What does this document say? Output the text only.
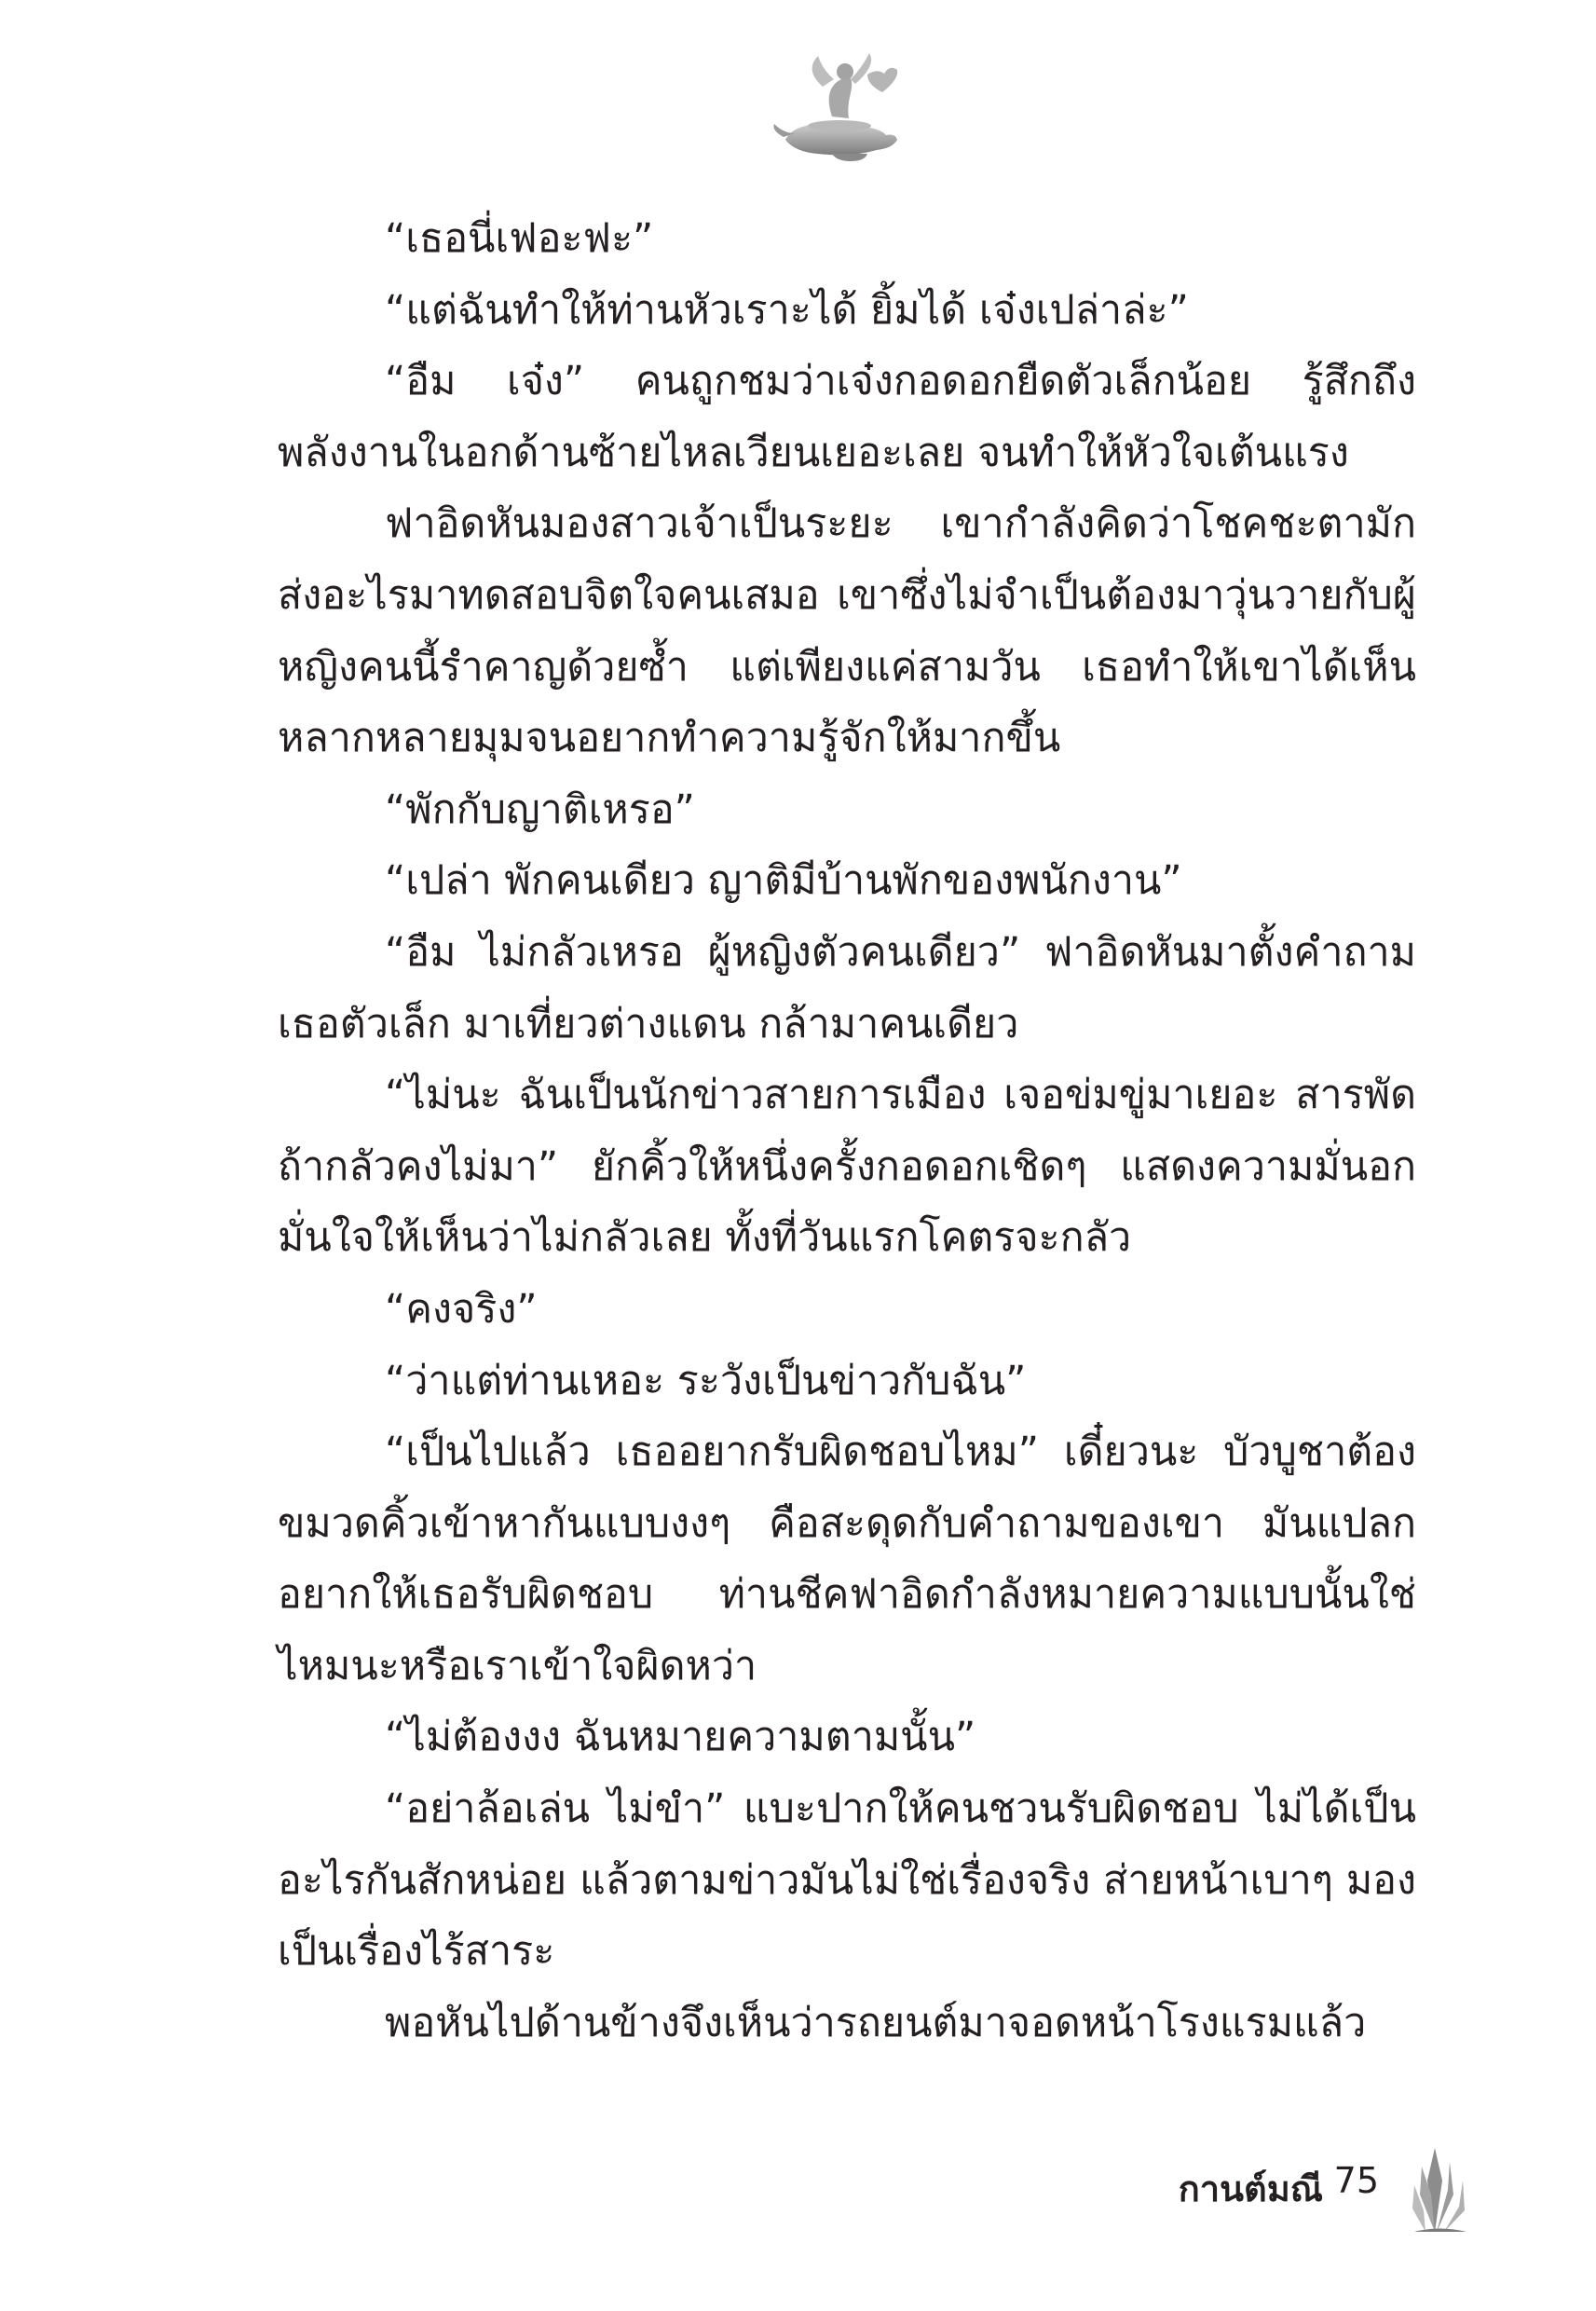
“เธอนี่เฟอะฟะ”

“แต่ฉันทำให้ท่านหัวเราะได้ ยิ้มได้ เจ๋งเปล่าล่ะ”

“อืม เจ๋ง” คนถูกชมว่าเจ๋งกอดอกยืดตัวเล็กน้อย รู้สึกถึงพลังงานในอกด้านซ้ายไหลเวียนเยอะเลย จนทำให้หัวใจเต้นแรง

ฟาอิดหันมองสาวเจ้าเป็นระยะ เขากำลังคิดว่าโชคชะตามักส่งอะไรมาทดสอบจิตใจคนเสมอ เขาซึ่งไม่จำเป็นต้องมาวุ่นวายกับผู้หญิงคนนี้รำคาญด้วยซ้ำ แต่เพียงแค่สามวัน เธอทำให้เขาได้เห็นหลากหลายมุมจนอยากทำความรู้จักให้มากขึ้น

“พักกับญาติเหรอ”

“เปล่า พักคนเดียว ญาติมีบ้านพักของพนักงาน”

“อืม ไม่กลัวเหรอ ผู้หญิงตัวคนเดียว” ฟาอิดหันมาตั้งคำถามเธอตัวเล็ก มาเที่ยวต่างแดน กล้ามาคนเดียว

“ไม่นะ ฉันเป็นนักข่าวสายการเมือง เจอข่มขู่มาเยอะ สารพัดถ้ากลัวคงไม่มา” ยักคิ้วให้หนึ่งครั้งกอดอกเชิดๆ แสดงความมั่นอกมั่นใจให้เห็นว่าไม่กลัวเลย ทั้งที่วันแรกโคตรจะกลัว

“คงจริง”

“ว่าแต่ท่านเหอะ ระวังเป็นข่าวกับฉัน”

“เป็นไปแล้ว เธออยากรับผิดชอบไหม” เดี๋ยวนะ บัวบูชาต้องขมวดคิ้วเข้าหากันแบบงงๆ คือสะดุดกับคำถามของเขา มันแปลกอยากให้เธอรับผิดชอบ ท่านชีคฟาอิดกำลังหมายความแบบนั้นใช่ไหมนะหรือเราเข้าใจผิดหว่า

“ไม่ต้องงง ฉันหมายความตามนั้น”

“อย่าล้อเล่น ไม่ขำ” แบะปากให้คนชวนรับผิดชอบ ไม่ได้เป็นอะไรกันสักหน่อย แล้วตามข่าวมันไม่ใช่เรื่องจริง ส่ายหน้าเบาๆ มองเป็นเรื่องไร้สาระ

พอหันไปด้านข้างจึงเห็นว่ารถยนต์มาจอดหน้าโรงแรมแล้ว

กานต์มณี 75
